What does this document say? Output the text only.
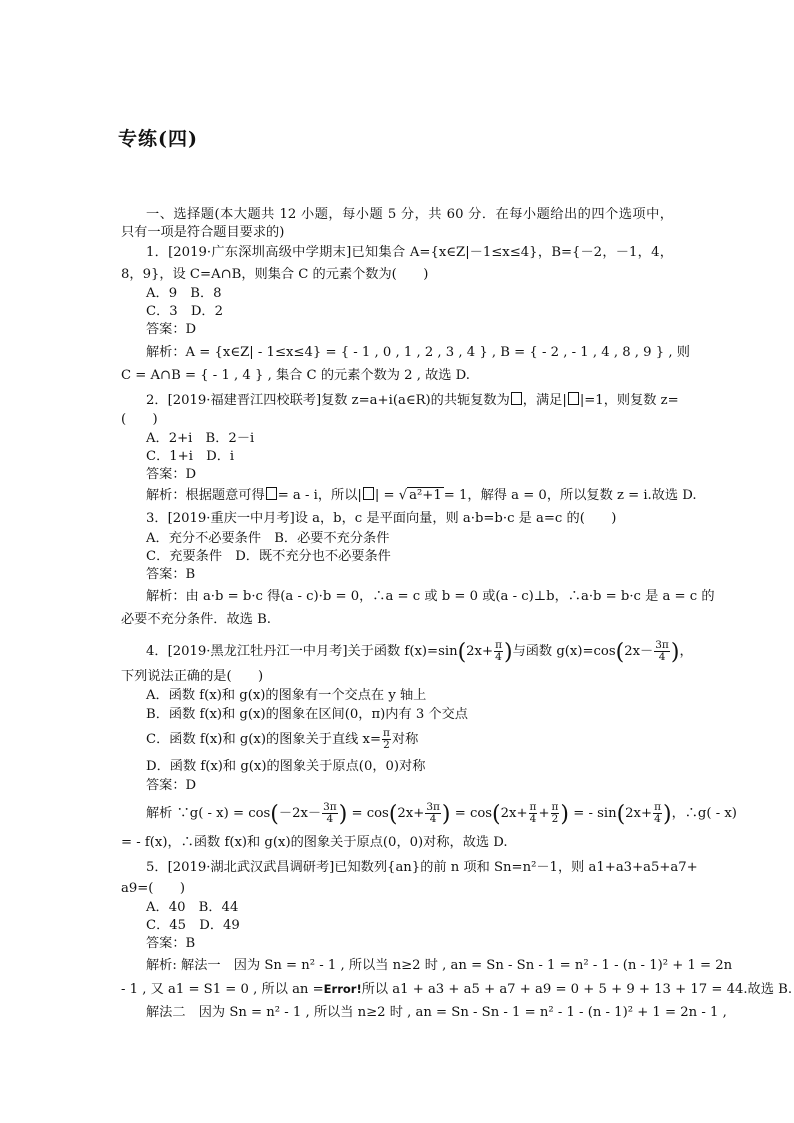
专练(四)
一、选择题(本大题共 12 小题，每小题 5 分，共 60 分．在每小题给出的四个选项中，
只有一项是符合题目要求的)
1．[2019·广东深圳高级中学期末]已知集合 A={x∈Z|－1≤x≤4}，B={－2，－1，4，
8，9}，设 C=A∩B，则集合 C 的元素个数为(　　)
A．9　B．8
C．3　D．2
答案：D
解析：A = {x∈Z| - 1≤x≤4} = { - 1 , 0 , 1 , 2 , 3 , 4 } , B = { - 2 , - 1 , 4 , 8 , 9 } , 则
C = A∩B = { - 1 , 4 } , 集合 C 的元素个数为 2 , 故选 D.
2．[2019·福建晋江四校联考]复数 z=a+i(a∈R)的共轭复数为 ，满足| |=1，则复数 z=
(　　)
A．2+i　B．2－i
C．1+i　D．i
答案：D
解析：根据题意可得 = a - i，所以| | = √ a²+1 = 1，解得 a = 0，所以复数 z = i.故选 D.
3．[2019·重庆一中月考]设 a，b，c 是平面向量，则 a·b=b·c 是 a=c 的(　　)
A．充分不必要条件　B．必要不充分条件
C．充要条件　D．既不充分也不必要条件
答案：B
解析：由 a·b = b·c 得(a - c)·b = 0，∴a = c 或 b = 0 或(a - c)⊥b，∴a·b = b·c 是 a = c 的
必要不充分条件．故选 B.
4．[2019·黑龙江牡丹江一中月考]关于函数 $f(x)=\sin(2x+ \frac{\pi}{4}$ )与函数 $g(x)=\cos(2x- \frac{3\pi}{4}$ )，
下列说法正确的是(　　)
A．函数 f(x)和 g(x)的图象有一个交点在 y 轴上
B．函数 f(x)和 g(x)的图象在区间(0，π)内有 3 个交点
C．函数 f(x)和 g(x)的图象关于直线 $x= \frac{\pi}{2}$ 对称
D．函数 f(x)和 g(x)的图象关于原点(0，0)对称
答案：D
解析 ∵g( - $x) = \cos(-2x- \frac{3\pi}{4}$ ) = $\cos(2x+ \frac{3\pi}{4}$ ) = $\cos(2x+ \frac{\pi}{4} + \frac{\pi}{2}$ ) = - $\sin(2x+ \frac{\pi}{4}$ )，∴g( - x)
= - f(x)，∴函数 f(x)和 g(x)的图象关于原点(0，0)对称，故选 D.
5．[2019·湖北武汉武昌调研考]已知数列{an}的前 n 项和 Sn=n²－1，则 a1+a3+a5+a7+
a9=(　　)
A．40　B．44
C．45　D．49
答案：B
解析: 解法一　因为 Sn = n² - 1 , 所以当 n≥2 时 , an = Sn - Sn - 1 = n² - 1 - (n - 1)² + 1 = 2n
- 1 , 又 a1 = S1 = 0 , 所以 an =Error!所以 a1 + a3 + a5 + a7 + a9 = 0 + 5 + 9 + 13 + 17 = 44.故选 B.
解法二　因为 Sn = n² - 1 , 所以当 n≥2 时 , an = Sn - Sn - 1 = n² - 1 - (n - 1)² + 1 = 2n - 1 ,
